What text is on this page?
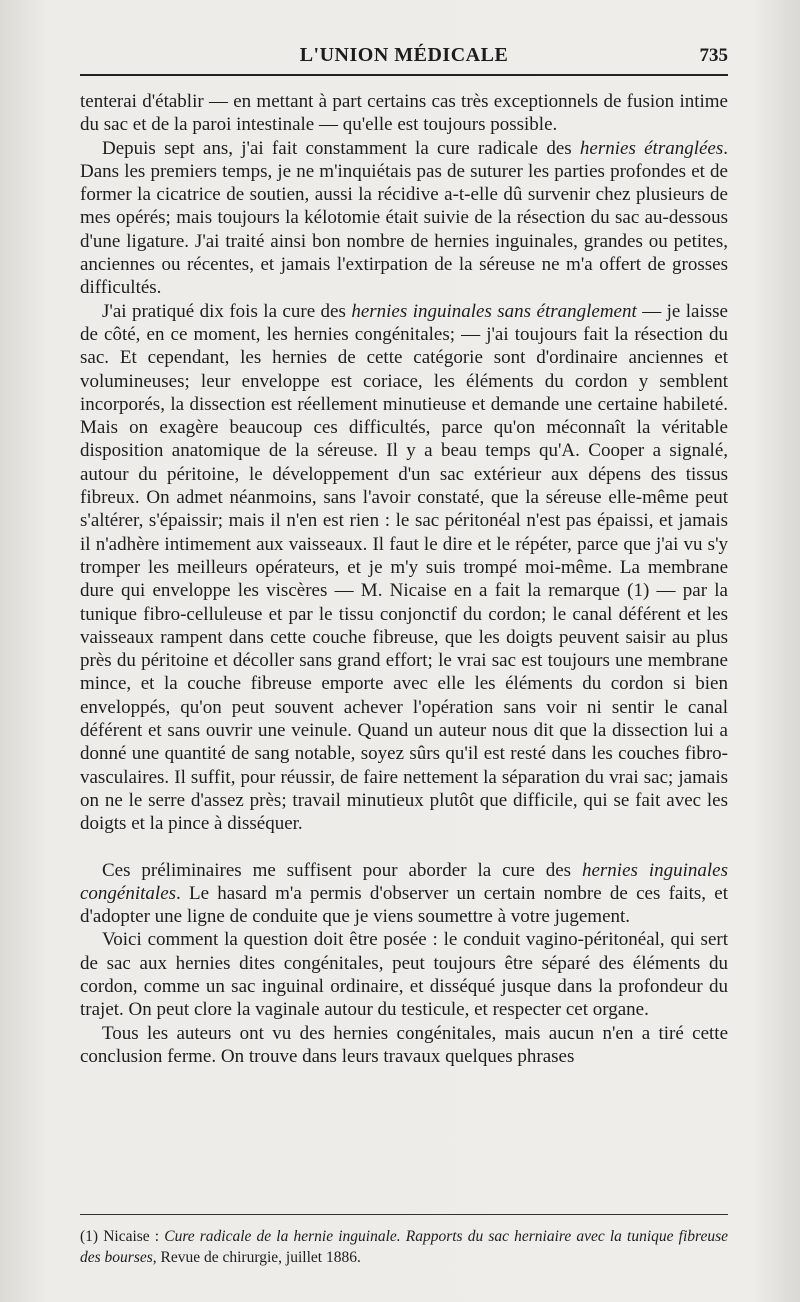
L'UNION MÉDICALE	735

tenterai d'établir — en mettant à part certains cas très exceptionnels de fusion intime du sac et de la paroi intestinale — qu'elle est toujours possible.

Depuis sept ans, j'ai fait constamment la cure radicale des hernies étranglées. Dans les premiers temps, je ne m'inquiétais pas de suturer les parties profondes et de former la cicatrice de soutien, aussi la récidive a-t-elle dû survenir chez plusieurs de mes opérés; mais toujours la kélotomie était suivie de la résection du sac au-dessous d'une ligature. J'ai traité ainsi bon nombre de hernies inguinales, grandes ou petites, anciennes ou récentes, et jamais l'extirpation de la séreuse ne m'a offert de grosses difficultés.

J'ai pratiqué dix fois la cure des hernies inguinales sans étranglement — je laisse de côté, en ce moment, les hernies congénitales; — j'ai toujours fait la résection du sac. Et cependant, les hernies de cette catégorie sont d'ordinaire anciennes et volumineuses; leur enveloppe est coriace, les éléments du cordon y semblent incorporés, la dissection est réellement minutieuse et demande une certaine habileté. Mais on exagère beaucoup ces difficultés, parce qu'on méconnaît la véritable disposition anatomique de la séreuse. Il y a beau temps qu'A. Cooper a signalé, autour du péritoine, le développement d'un sac extérieur aux dépens des tissus fibreux. On admet néanmoins, sans l'avoir constaté, que la séreuse elle-même peut s'altérer, s'épaissir; mais il n'en est rien : le sac péritonéal n'est pas épaissi, et jamais il n'adhère intimement aux vaisseaux. Il faut le dire et le répéter, parce que j'ai vu s'y tromper les meilleurs opérateurs, et je m'y suis trompé moi-même. La membrane dure qui enveloppe les viscères — M. Nicaise en a fait la remarque (1) — par la tunique fibro-celluleuse et par le tissu conjonctif du cordon; le canal déférent et les vaisseaux rampent dans cette couche fibreuse, que les doigts peuvent saisir au plus près du péritoine et décoller sans grand effort; le vrai sac est toujours une membrane mince, et la couche fibreuse emporte avec elle les éléments du cordon si bien enveloppés, qu'on peut souvent achever l'opération sans voir ni sentir le canal déférent et sans ouvrir une veinule. Quand un auteur nous dit que la dissection lui a donné une quantité de sang notable, soyez sûrs qu'il est resté dans les couches fibro-vasculaires. Il suffit, pour réussir, de faire nettement la séparation du vrai sac; jamais on ne le serre d'assez près; travail minutieux plutôt que difficile, qui se fait avec les doigts et la pince à disséquer.

Ces préliminaires me suffisent pour aborder la cure des hernies inguinales congénitales. Le hasard m'a permis d'observer un certain nombre de ces faits, et d'adopter une ligne de conduite que je viens soumettre à votre jugement.

Voici comment la question doit être posée : le conduit vagino-péritonéal, qui sert de sac aux hernies dites congénitales, peut toujours être séparé des éléments du cordon, comme un sac inguinal ordinaire, et disséqué jusque dans la profondeur du trajet. On peut clore la vaginale autour du testicule, et respecter cet organe.

Tous les auteurs ont vu des hernies congénitales, mais aucun n'en a tiré cette conclusion ferme. On trouve dans leurs travaux quelques phrases

(1) Nicaise : Cure radicale de la hernie inguinale. Rapports du sac herniaire avec la tunique fibreuse des bourses, Revue de chirurgie, juillet 1886.
